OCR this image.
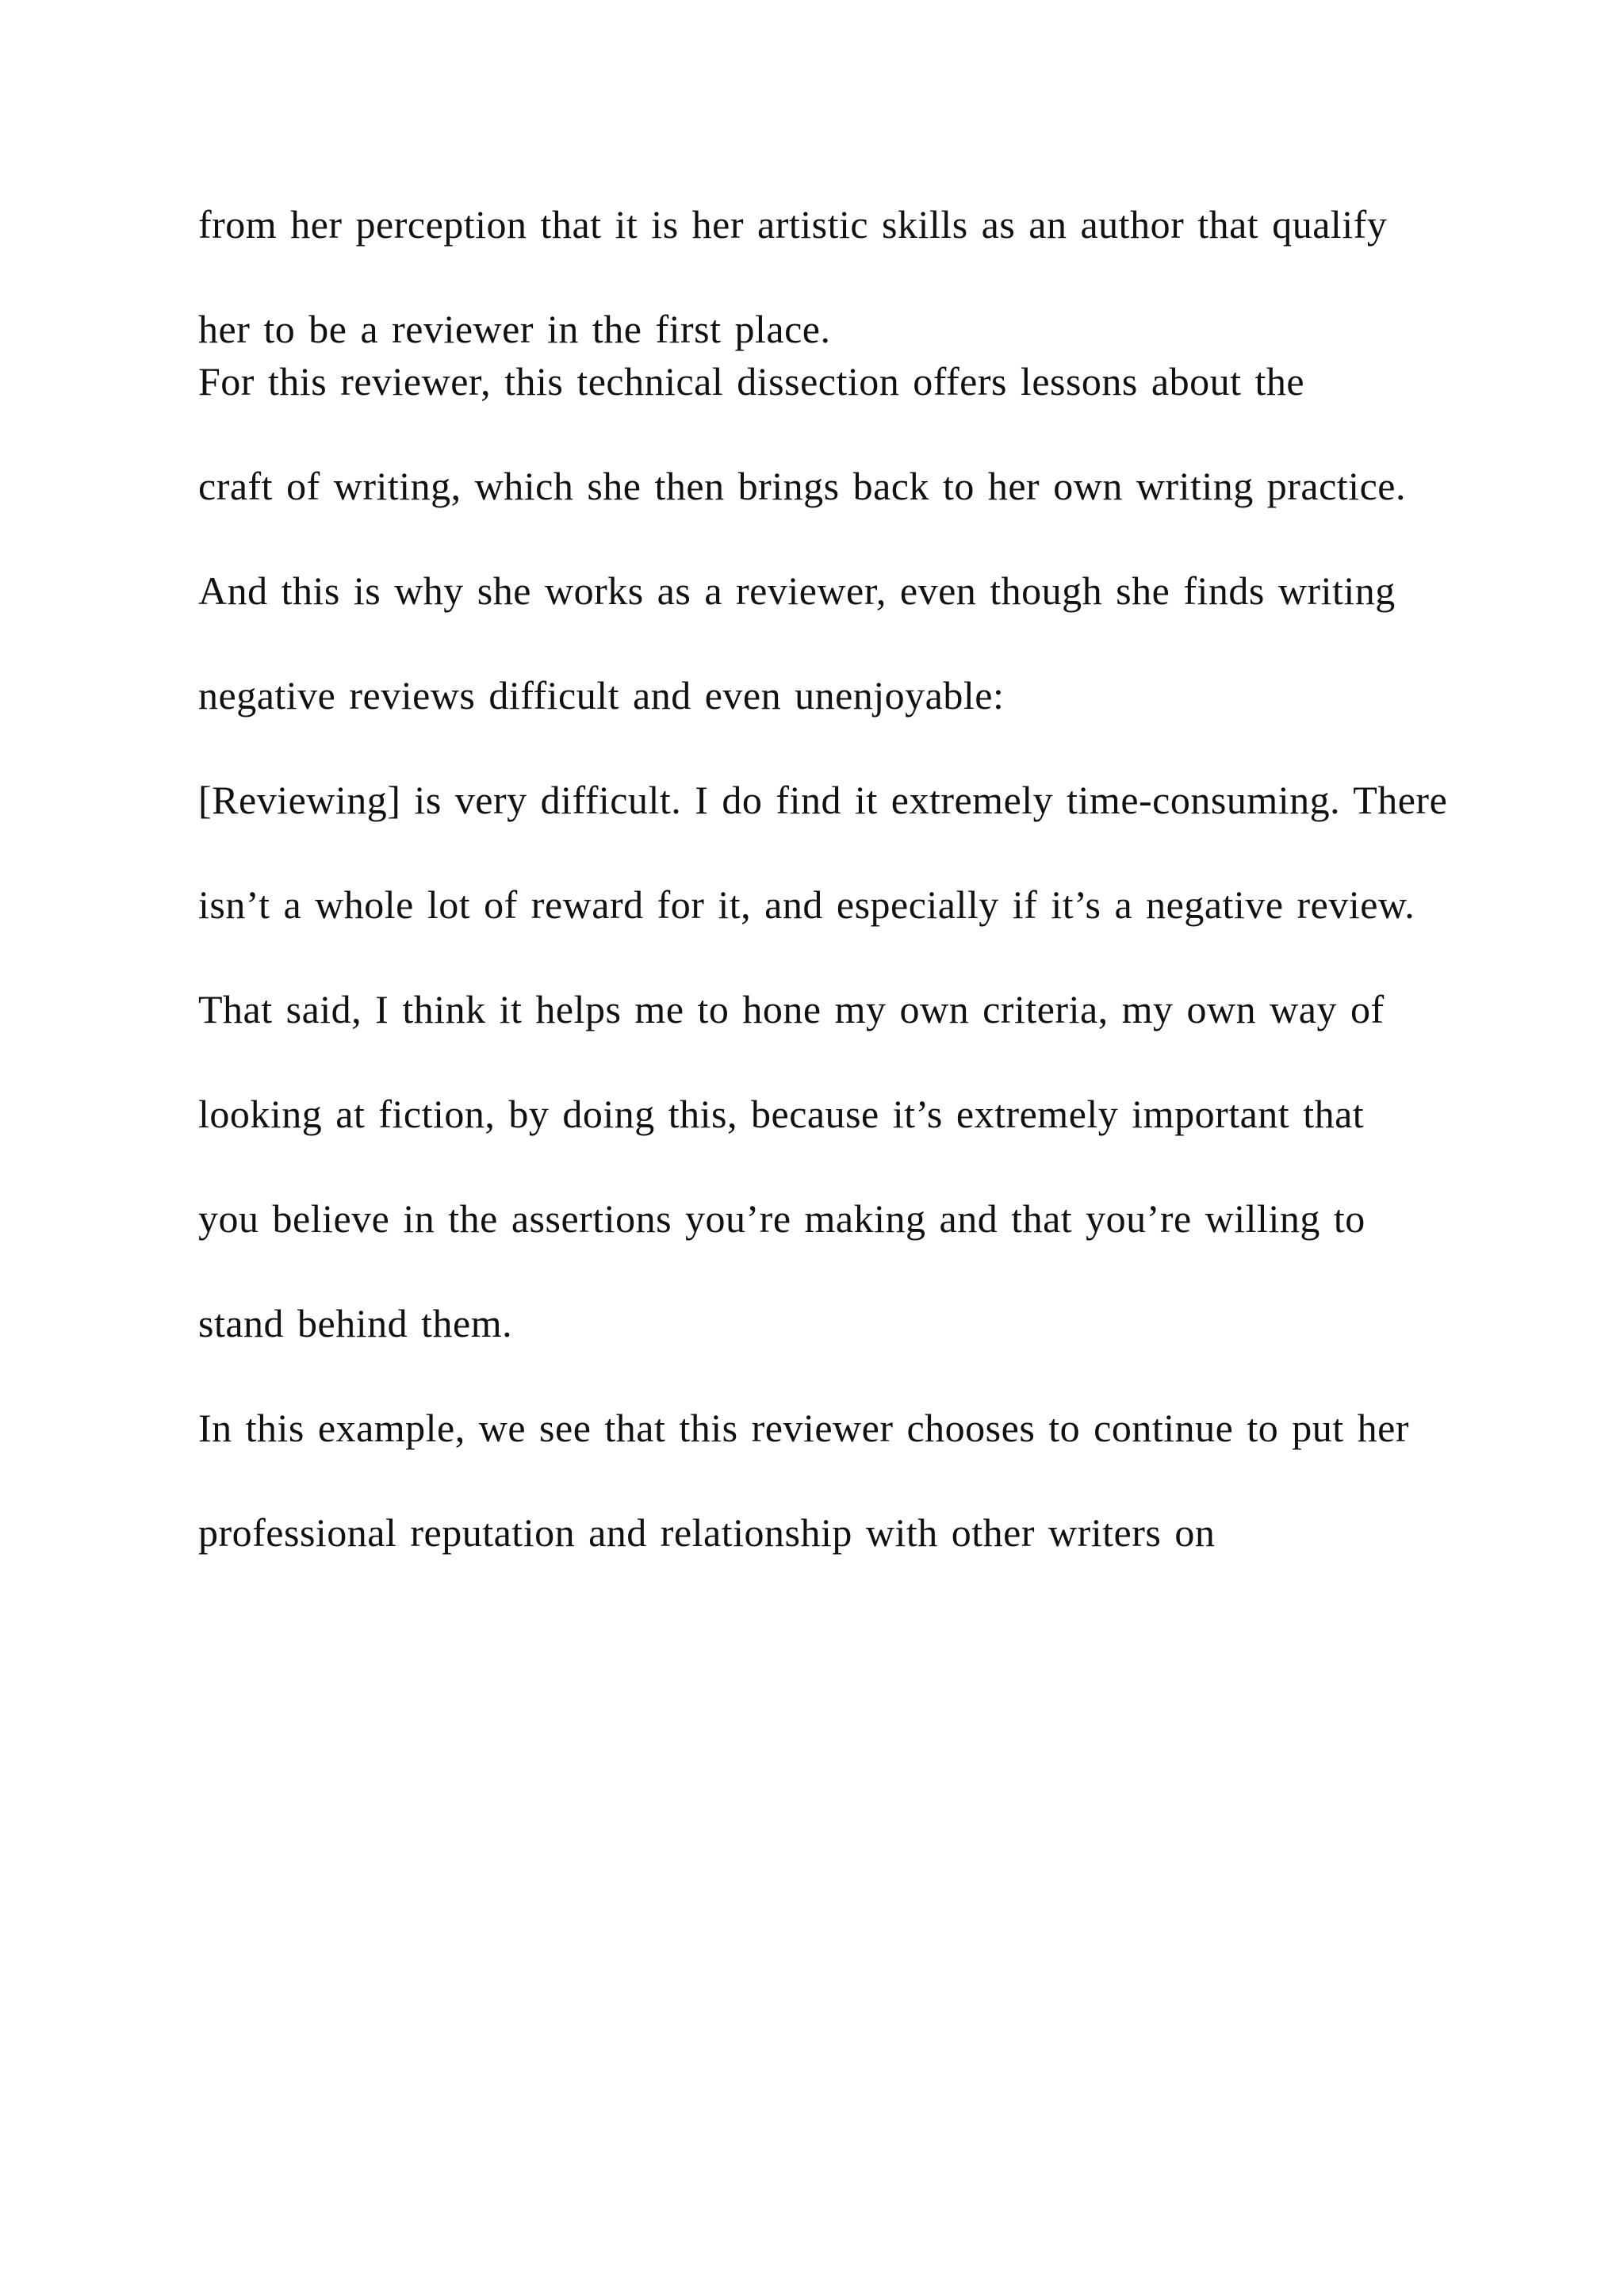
from her perception that it is her artistic skills as an author that qualify

her to be a reviewer in the first place.

For this reviewer, this technical dissection offers lessons about the

craft of writing, which she then brings back to her own writing practice.

And this is why she works as a reviewer, even though she finds writing

negative reviews difficult and even unenjoyable:

[Reviewing] is very difficult. I do find it extremely time-consuming. There

isn’t a whole lot of reward for it, and especially if it’s a negative review.

That said, I think it helps me to hone my own criteria, my own way of

looking at fiction, by doing this, because it’s extremely important that

you believe in the assertions you’re making and that you’re willing to

stand behind them.

In this example, we see that this reviewer chooses to continue to put her

professional reputation and relationship with other writers on
